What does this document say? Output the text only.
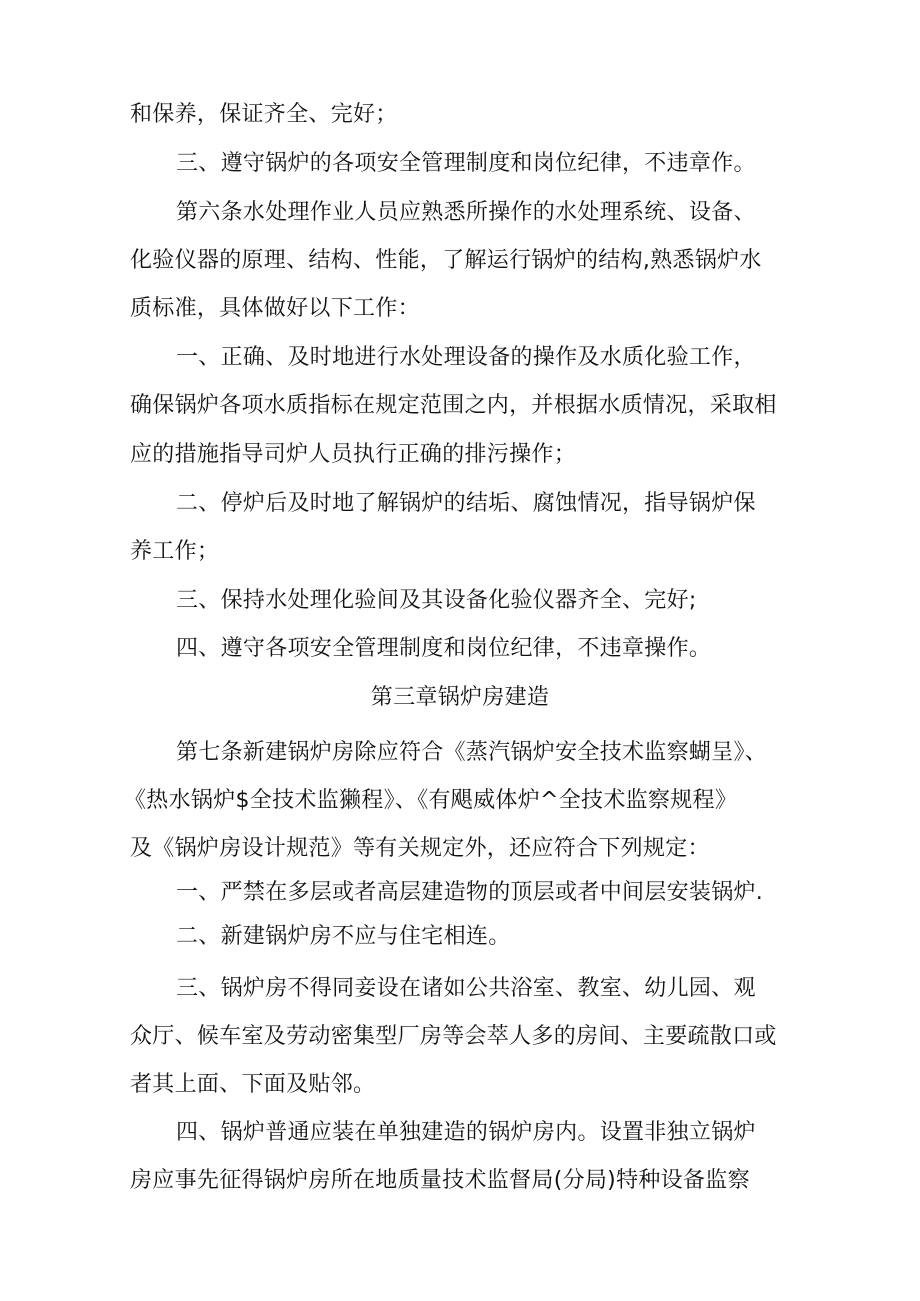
和保养，保证齐全、完好；
三、遵守锅炉的各项安全管理制度和岗位纪律，不违章作。
第六条水处理作业人员应熟悉所操作的水处理系统、设备、
化验仪器的原理、结构、性能，了解运行锅炉的结构,熟悉锅炉水
质标准，具体做好以下工作：
一、正确、及时地进行水处理设备的操作及水质化验工作，
确保锅炉各项水质指标在规定范围之内，并根据水质情况，采取相
应的措施指导司炉人员执行正确的排污操作；
二、停炉后及时地了解锅炉的结垢、腐蚀情况，指导锅炉保
养工作；
三、保持水处理化验间及其设备化验仪器齐全、完好;
四、遵守各项安全管理制度和岗位纪律，不违章操作。
第三章锅炉房建造
第七条新建锅炉房除应符合《蒸汽锅炉安全技术监察蝴呈》、
《热水锅炉$全技术监獭程》、《有飓威体炉^全技术监察规程》
及《锅炉房设计规范》等有关规定外，还应符合下列规定：
一、严禁在多层或者高层建造物的顶层或者中间层安装锅炉.
二、新建锅炉房不应与住宅相连。
三、锅炉房不得同妾设在诸如公共浴室、教室、幼儿园、观
众厅、候车室及劳动密集型厂房等会萃人多的房间、主要疏散口或
者其上面、下面及贴邻。
四、锅炉普通应装在单独建造的锅炉房内。设置非独立锅炉
房应事先征得锅炉房所在地质量技术监督局(分局)特种设备监察
